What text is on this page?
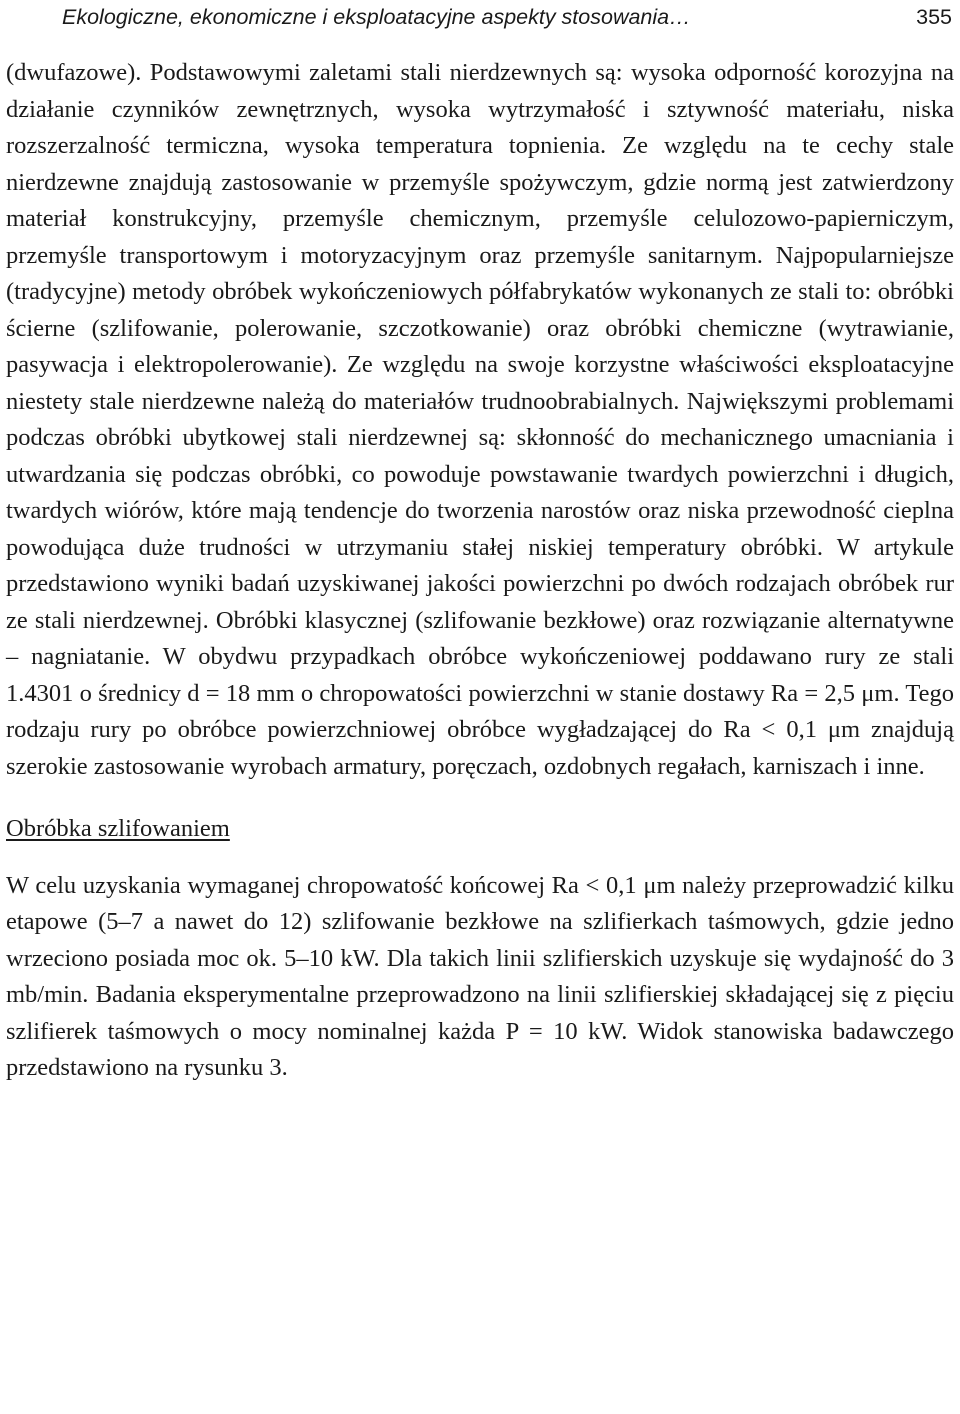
Ekologiczne, ekonomiczne i eksploatacyjne aspekty stosowania…	355

(dwufazowe). Podstawowymi zaletami stali nierdzewnych są: wysoka odporność korozyjna na działanie czynników zewnętrznych, wysoka wytrzymałość i sztywność materiału, niska rozszerzalność termiczna, wysoka temperatura topnienia. Ze względu na te cechy stale nierdzewne znajdują zastosowanie w przemyśle spożywczym, gdzie normą jest zatwierdzony materiał konstrukcyjny, przemyśle chemicznym, przemyśle celulozowo-papierniczym, przemyśle transportowym i motoryzacyjnym oraz przemyśle sanitarnym. Najpopularniejsze (tradycyjne) metody obróbek wykończeniowych półfabrykatów wykonanych ze stali to: obróbki ścierne (szlifowanie, polerowanie, szczotkowanie) oraz obróbki chemiczne (wytrawianie, pasywacja i elektropolerowanie). Ze względu na swoje korzystne właściwości eksploatacyjne niestety stale nierdzewne należą do materiałów trudnoobrabialnych. Największymi problemami podczas obróbki ubytkowej stali nierdzewnej są: skłonność do mechanicznego umacniania i utwardzania się podczas obróbki, co powoduje powstawanie twardych powierzchni i długich, twardych wiórów, które mają tendencje do tworzenia narostów oraz niska przewodność cieplna powodująca duże trudności w utrzymaniu stałej niskiej temperatury obróbki. W artykule przedstawiono wyniki badań uzyskiwanej jakości powierzchni po dwóch rodzajach obróbek rur ze stali nierdzewnej. Obróbki klasycznej (szlifowanie bezkłowe) oraz rozwiązanie alternatywne – nagniatanie. W obydwu przypadkach obróbce wykończeniowej poddawano rury ze stali 1.4301 o średnicy d = 18 mm o chropowatości powierzchni w stanie dostawy Ra = 2,5 μm. Tego rodzaju rury po obróbce powierzchniowej obróbce wygładzającej do Ra < 0,1 μm znajdują szerokie zastosowanie wyrobach armatury, poręczach, ozdobnych regałach, karniszach i inne.

Obróbka szlifowaniem

W celu uzyskania wymaganej chropowatość końcowej Ra < 0,1 μm należy przeprowadzić kilku etapowe (5–7 a nawet do 12) szlifowanie bezkłowe na szlifierkach taśmowych, gdzie jedno wrzeciono posiada moc ok. 5–10 kW. Dla takich linii szlifierskich uzyskuje się wydajność do 3 mb/min. Badania eksperymentalne przeprowadzono na linii szlifierskiej składającej się z pięciu szlifierek taśmowych o mocy nominalnej każda P = 10 kW. Widok stanowiska badawczego przedstawiono na rysunku 3.
